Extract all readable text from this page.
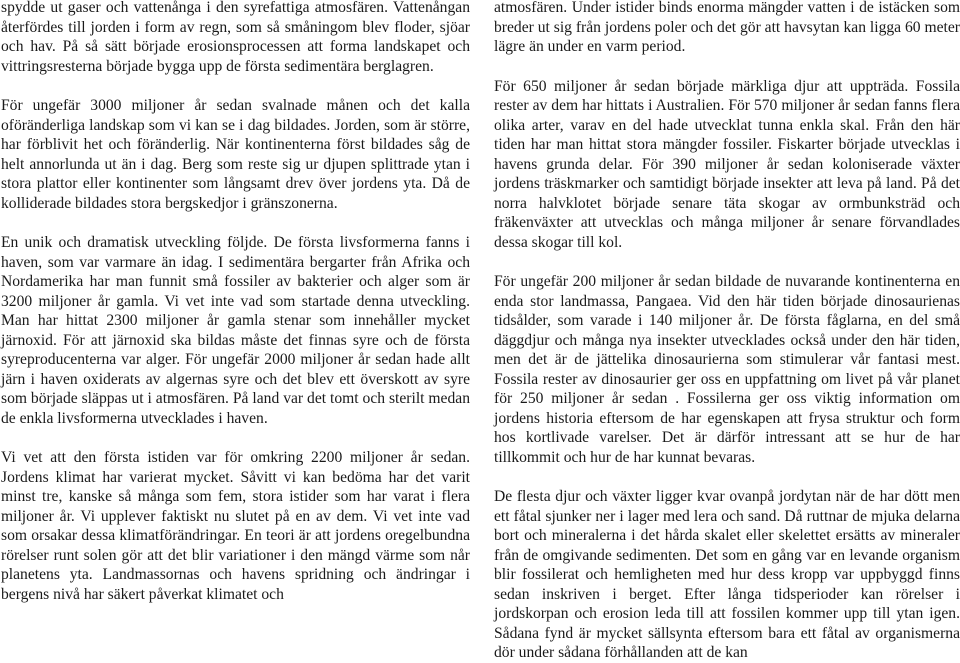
spydde ut gaser och vattenånga i den syrefattiga atmosfären. Vattenångan återfördes till jorden i form av regn, som så småningom blev floder, sjöar och hav. På så sätt började erosionsprocessen att forma landskapet och vittringsresterna började bygga upp de första sedimentära berglagren.

För ungefär 3000 miljoner år sedan svalnade månen och det kalla oföränderliga landskap som vi kan se i dag bildades. Jorden, som är större, har förblivit het och föränderlig. När kontinenterna först bildades såg de helt annorlunda ut än i dag. Berg som reste sig ur djupen splittrade ytan i stora plattor eller kontinenter som långsamt drev över jordens yta. Då de kolliderade bildades stora bergskedjor i gränszonerna.

En unik och dramatisk utveckling följde. De första livsformerna fanns i haven, som var varmare än idag. I sedimentära bergarter från Afrika och Nordamerika har man funnit små fossiler av bakterier och alger som är 3200 miljoner år gamla. Vi vet inte vad som startade denna utveckling. Man har hittat 2300 miljoner år gamla stenar som innehåller mycket järnoxid. För att järnoxid ska bildas måste det finnas syre och de första syreproducenterna var alger. För ungefär 2000 miljoner år sedan hade allt järn i haven oxiderats av algernas syre och det blev ett överskott av syre som började släppas ut i atmosfären. På land var det tomt och sterilt medan de enkla livsformerna utvecklades i haven.

Vi vet att den första istiden var för omkring 2200 miljoner år sedan. Jordens klimat har varierat mycket. Såvitt vi kan bedöma har det varit minst tre, kanske så många som fem, stora istider som har varat i flera miljoner år. Vi upplever faktiskt nu slutet på en av dem. Vi vet inte vad som orsakar dessa klimatförändringar. En teori är att jordens oregelbundna rörelser runt solen gör att det blir variationer i den mängd värme som når planetens yta. Landmassornas och havens spridning och ändringar i bergens nivå har säkert påverkat klimatet och

atmosfären. Under istider binds enorma mängder vatten i de istäcken som breder ut sig från jordens poler och det gör att havsytan kan ligga 60 meter lägre än under en varm period.

För 650 miljoner år sedan började märkliga djur att uppträda. Fossila rester av dem har hittats i Australien. För 570 miljoner år sedan fanns flera olika arter, varav en del hade utvecklat tunna enkla skal. Från den här tiden har man hittat stora mängder fossiler. Fiskarter började utvecklas i havens grunda delar. För 390 miljoner år sedan koloniserade växter jordens träskmarker och samtidigt började insekter att leva på land. På det norra halvklotet började senare täta skogar av ormbunksträd och fräkenväxter att utvecklas och många miljoner år senare förvandlades dessa skogar till kol.

För ungefär 200 miljoner år sedan bildade de nuvarande kontinenterna en enda stor landmassa, Pangaea. Vid den här tiden började dinosaurienas tidsålder, som varade i 140 miljoner år. De första fåglarna, en del små däggdjur och många nya insekter utvecklades också under den här tiden, men det är de jättelika dinosaurierna som stimulerar vår fantasi mest. Fossila rester av dinosaurier ger oss en uppfattning om livet på vår planet för 250 miljoner år sedan . Fossilerna ger oss viktig information om jordens historia eftersom de har egenskapen att frysa struktur och form hos kortlivade varelser. Det är därför intressant att se hur de har tillkommit och hur de har kunnat bevaras.

De flesta djur och växter ligger kvar ovanpå jordytan när de har dött men ett fåtal sjunker ner i lager med lera och sand. Då ruttnar de mjuka delarna bort och mineralerna i det hårda skalet eller skelettet ersätts av mineraler från de omgivande sedimenten. Det som en gång var en levande organism blir fossilerat och hemligheten med hur dess kropp var uppbyggd finns sedan inskriven i berget. Efter långa tidsperioder kan rörelser i jordskorpan och erosion leda till att fossilen kommer upp till ytan igen. Sådana fynd är mycket sällsynta eftersom bara ett fåtal av organismerna dör under sådana förhållanden att de kan
